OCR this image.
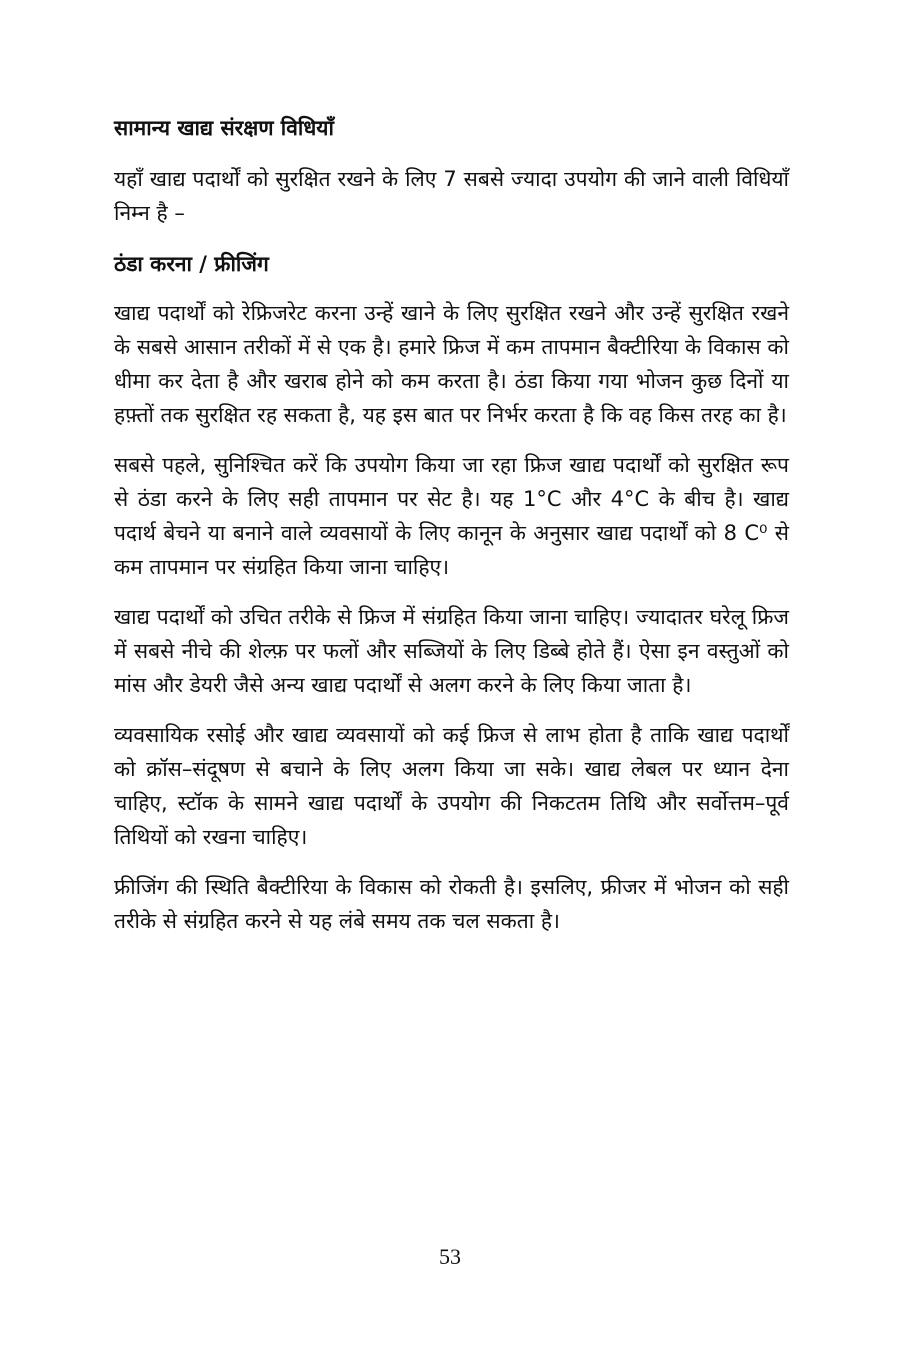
सामान्य खाद्य संरक्षण विधियाँ

यहाँ खाद्य पदार्थों को सुरक्षित रखने के लिए 7 सबसे ज्यादा उपयोग की जाने वाली विधियाँ निम्न है –

ठंडा करना / फ्रीजिंग

खाद्य पदार्थों को रेफ्रिजरेट करना उन्हें खाने के लिए सुरक्षित रखने और उन्हें सुरक्षित रखने के सबसे आसान तरीकों में से एक है। हमारे फ्रिज में कम तापमान बैक्टीरिया के विकास को धीमा कर देता है और खराब होने को कम करता है। ठंडा किया गया भोजन कुछ दिनों या हफ़्तों तक सुरक्षित रह सकता है, यह इस बात पर निर्भर करता है कि वह किस तरह का है।

सबसे पहले, सुनिश्चित करें कि उपयोग किया जा रहा फ्रिज खाद्य पदार्थों को सुरक्षित रूप से ठंडा करने के लिए सही तापमान पर सेट है। यह 1°C और 4°C के बीच है। खाद्य पदार्थ बेचने या बनाने वाले व्यवसायों के लिए कानून के अनुसार खाद्य पदार्थों को 8 C⁰ से कम तापमान पर संग्रहित किया जाना चाहिए।

खाद्य पदार्थों को उचित तरीके से फ्रिज में संग्रहित किया जाना चाहिए। ज्यादातर घरेलू फ्रिज में सबसे नीचे की शेल्फ़ पर फलों और सब्जियों के लिए डिब्बे होते हैं। ऐसा इन वस्तुओं को मांस और डेयरी जैसे अन्य खाद्य पदार्थों से अलग करने के लिए किया जाता है।

व्यवसायिक रसोई और खाद्य व्यवसायों को कई फ्रिज से लाभ होता है ताकि खाद्य पदार्थों को क्रॉस–संदूषण से बचाने के लिए अलग किया जा सके। खाद्य लेबल पर ध्यान देना चाहिए, स्टॉक के सामने खाद्य पदार्थों के उपयोग की निकटतम तिथि और सर्वोत्तम–पूर्व तिथियों को रखना चाहिए।

फ्रीजिंग की स्थिति बैक्टीरिया के विकास को रोकती है। इसलिए, फ्रीजर में भोजन को सही तरीके से संग्रहित करने से यह लंबे समय तक चल सकता है।

53
